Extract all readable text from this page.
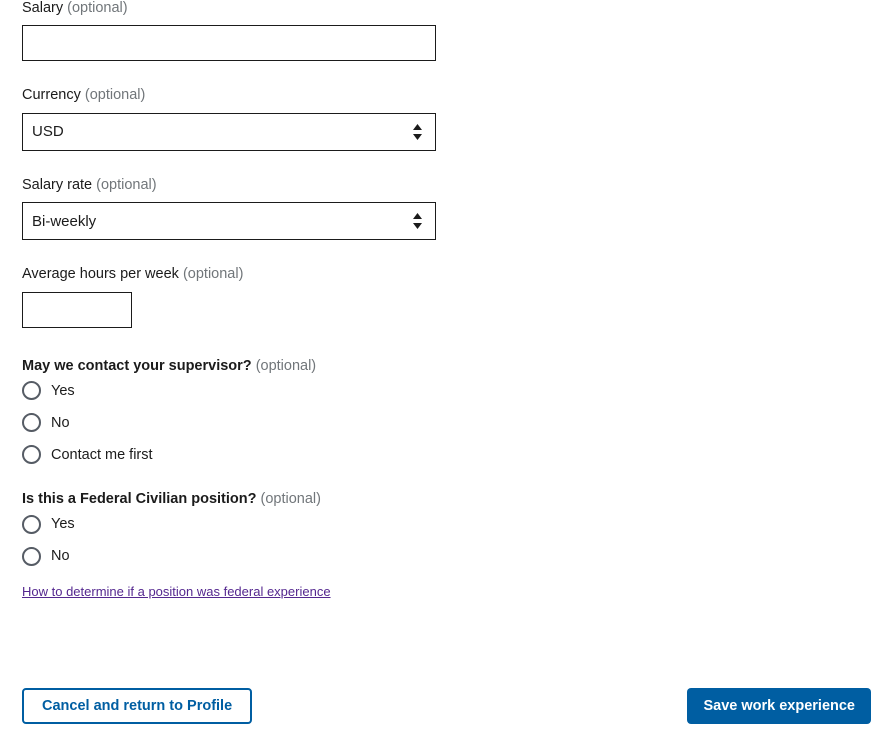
Salary (optional)
Currency (optional)
USD
Salary rate (optional)
Bi-weekly
Average hours per week (optional)
May we contact your supervisor? (optional)
Yes
No
Contact me first
Is this a Federal Civilian position? (optional)
Yes
No
How to determine if a position was federal experience
Cancel and return to Profile	Save work experience
